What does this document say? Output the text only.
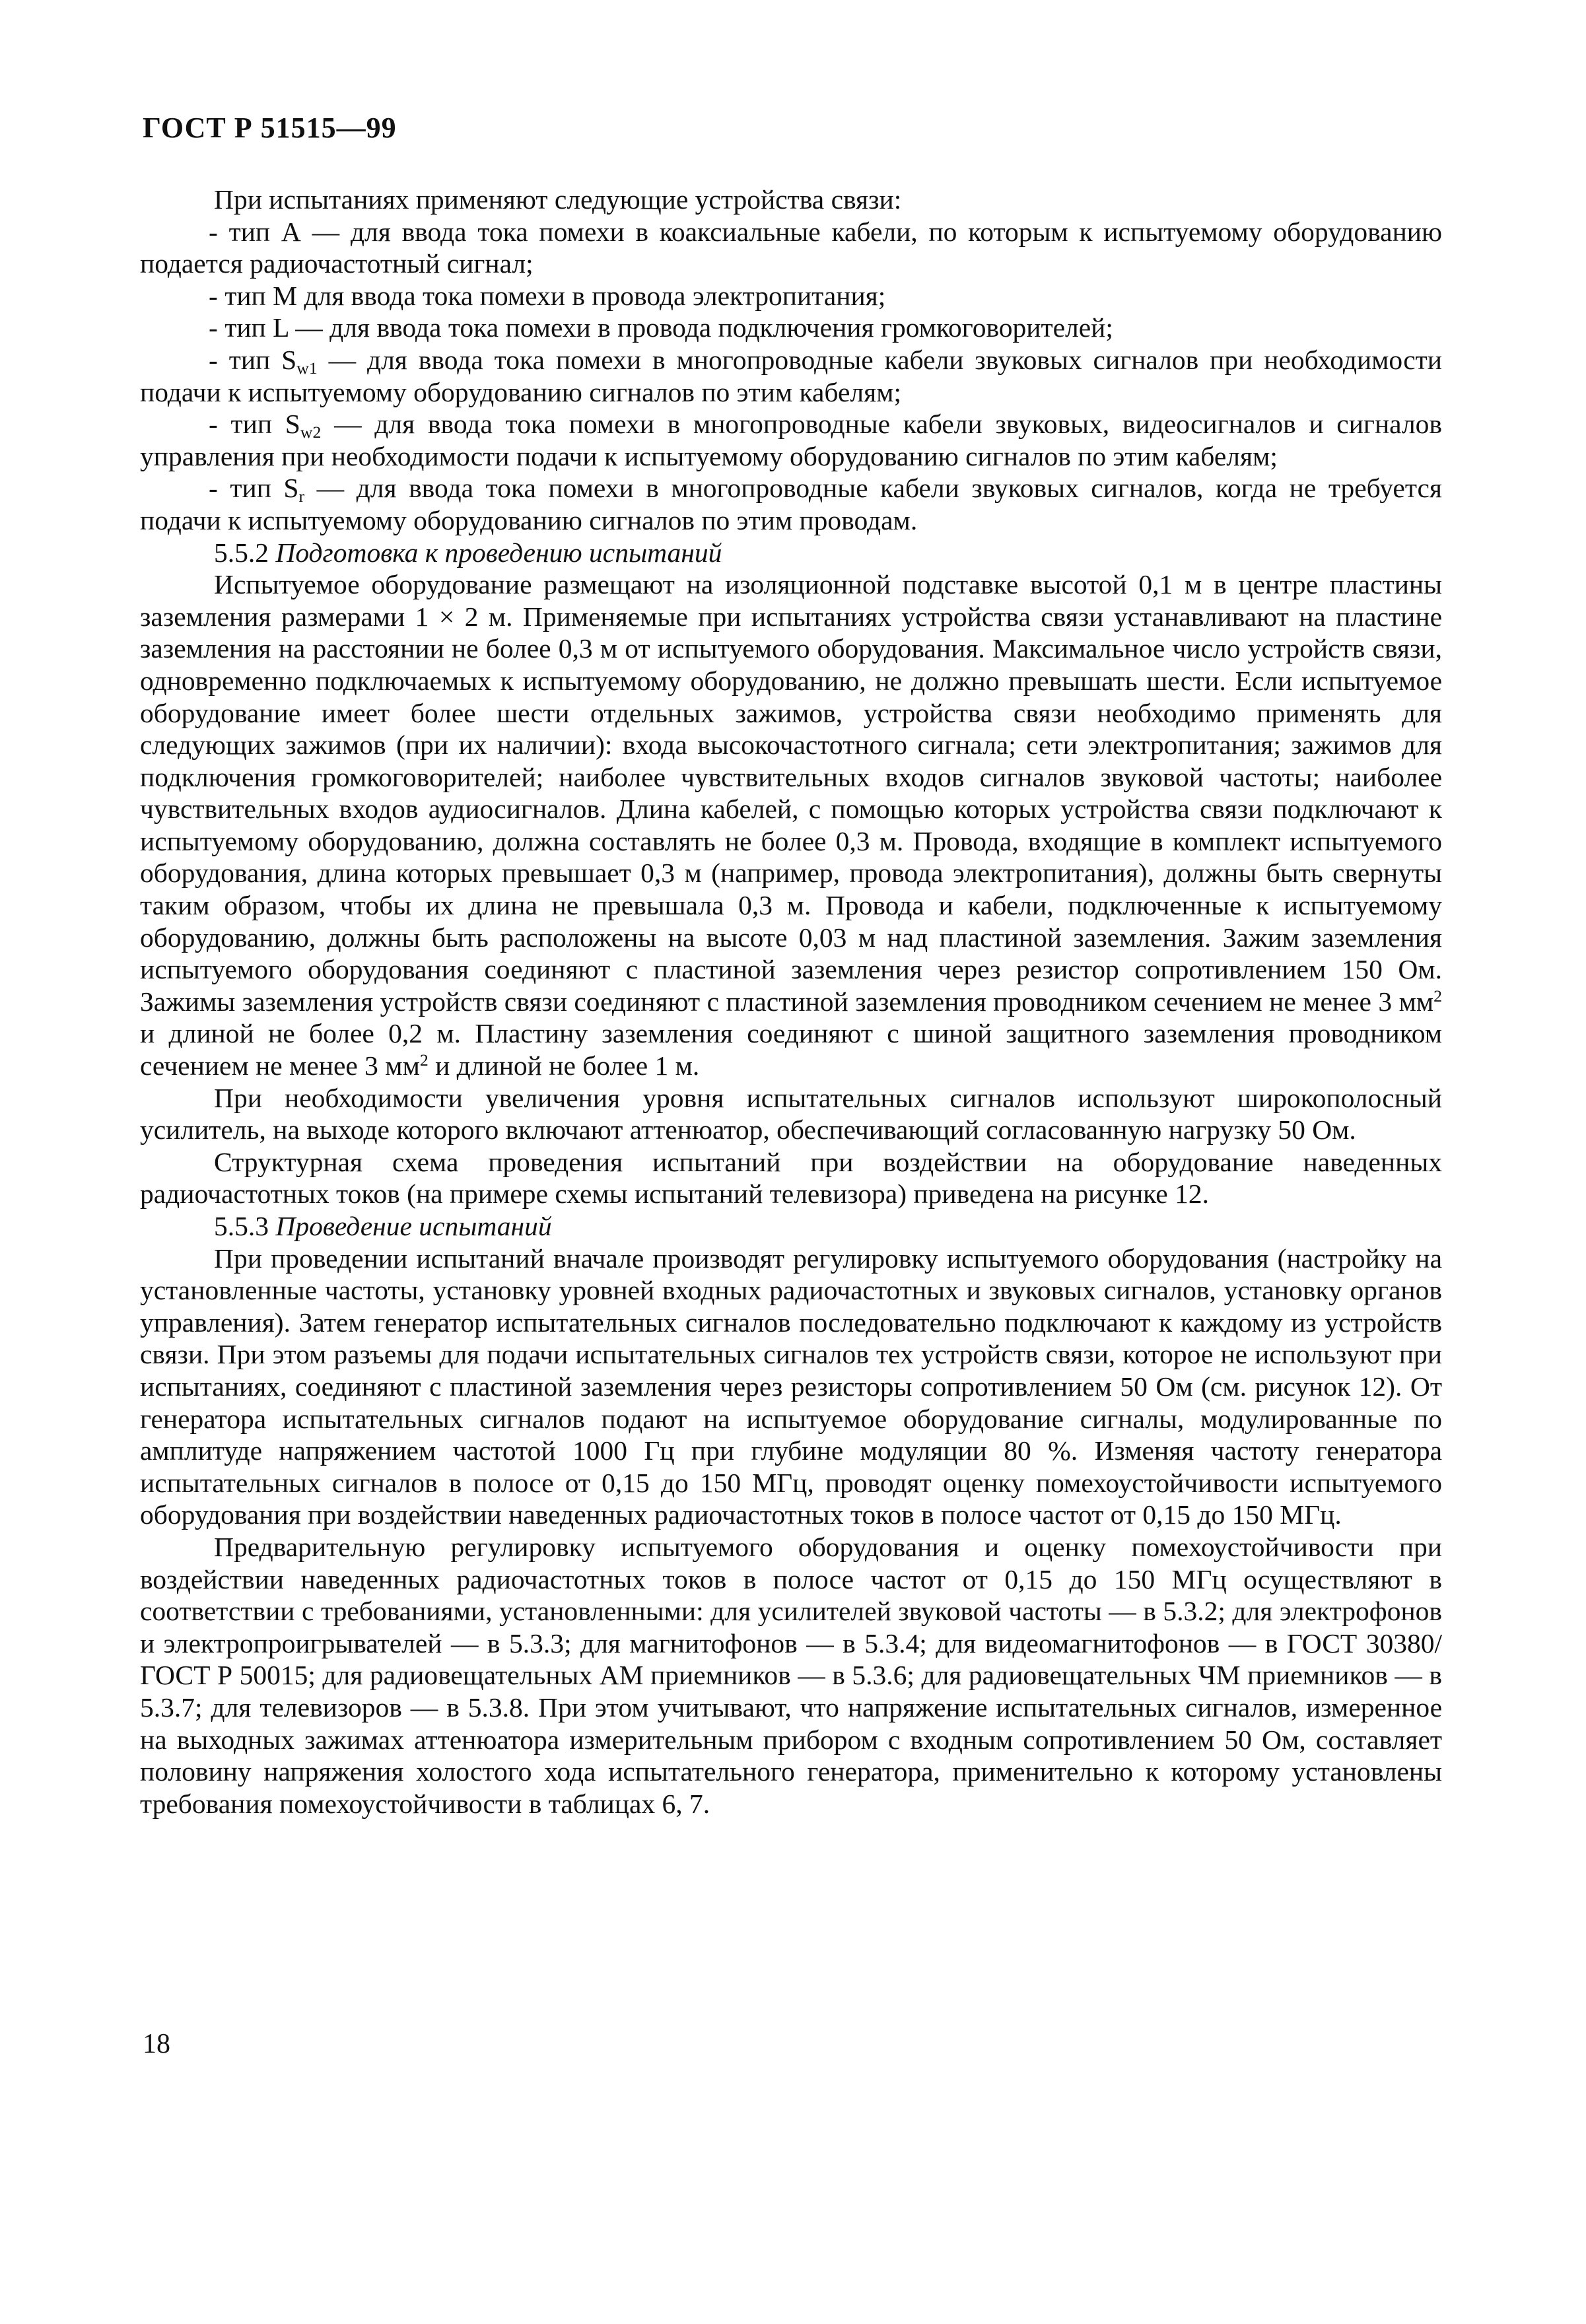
ГОСТ Р 51515—99

При испытаниях применяют следующие устройства связи:

- тип А — для ввода тока помехи в коаксиальные кабели, по которым к испытуемому оборудованию подается радиочастотный сигнал;

- тип М для ввода тока помехи в провода электропитания;

- тип L — для ввода тока помехи в провода подключения громкоговорителей;

- тип $S_{w1}$ — для ввода тока помехи в многопроводные кабели звуковых сигналов при необходимости подачи к испытуемому оборудованию сигналов по этим кабелям;

- тип $S_{w2}$ — для ввода тока помехи в многопроводные кабели звуковых, видеосигналов и сигналов управления при необходимости подачи к испытуемому оборудованию сигналов по этим кабелям;

- тип $S_r$ — для ввода тока помехи в многопроводные кабели звуковых сигналов, когда не требуется подачи к испытуемому оборудованию сигналов по этим проводам.

5.5.2 Подготовка к проведению испытаний

Испытуемое оборудование размещают на изоляционной подставке высотой 0,1 м в центре пластины заземления размерами 1 × 2 м. Применяемые при испытаниях устройства связи устанавливают на пластине заземления на расстоянии не более 0,3 м от испытуемого оборудования. Максимальное число устройств связи, одновременно подключаемых к испытуемому оборудованию, не должно превышать шести. Если испытуемое оборудование имеет более шести отдельных зажимов, устройства связи необходимо применять для следующих зажимов (при их наличии): входа высокочастотного сигнала; сети электропитания; зажимов для подключения громкоговорителей; наиболее чувствительных входов сигналов звуковой частоты; наиболее чувствительных входов аудиосигналов. Длина кабелей, с помощью которых устройства связи подключают к испытуемому оборудованию, должна составлять не более 0,3 м. Провода, входящие в комплект испытуемого оборудования, длина которых превышает 0,3 м (например, провода электропитания), должны быть свернуты таким образом, чтобы их длина не превышала 0,3 м. Провода и кабели, подключенные к испытуемому оборудованию, должны быть расположены на высоте 0,03 м над пластиной заземления. Зажим заземления испытуемого оборудования соединяют с пластиной заземления через резистор сопротивлением 150 Ом. Зажимы заземления устройств связи соединяют с пластиной заземления проводником сечением не менее 3 $мм^2$ и длиной не более 0,2 м. Пластину заземления соединяют с шиной защитного заземления проводником сечением не менее 3 $мм^2$ и длиной не более 1 м.

При необходимости увеличения уровня испытательных сигналов используют широкополосный усилитель, на выходе которого включают аттенюатор, обеспечивающий согласованную нагрузку 50 Ом.

Структурная схема проведения испытаний при воздействии на оборудование наведенных радиочастотных токов (на примере схемы испытаний телевизора) приведена на рисунке 12.

5.5.3 Проведение испытаний

При проведении испытаний вначале производят регулировку испытуемого оборудования (настройку на установленные частоты, установку уровней входных радиочастотных и звуковых сигналов, установку органов управления). Затем генератор испытательных сигналов последовательно подключают к каждому из устройств связи. При этом разъемы для подачи испытательных сигналов тех устройств связи, которое не используют при испытаниях, соединяют с пластиной заземления через резисторы сопротивлением 50 Ом (см. рисунок 12). От генератора испытательных сигналов подают на испытуемое оборудование сигналы, модулированные по амплитуде напряжением частотой 1000 Гц при глубине модуляции 80 %. Изменяя частоту генератора испытательных сигналов в полосе от 0,15 до 150 МГц, проводят оценку помехоустойчивости испытуемого оборудования при воздействии наведенных радиочастотных токов в полосе частот от 0,15 до 150 МГц.

Предварительную регулировку испытуемого оборудования и оценку помехоустойчивости при воздействии наведенных радиочастотных токов в полосе частот от 0,15 до 150 МГц осуществляют в соответствии с требованиями, установленными: для усилителей звуковой частоты — в 5.3.2; для электрофонов и электропроигрывателей — в 5.3.3; для магнитофонов — в 5.3.4; для видеомагнитофонов — в ГОСТ 30380/ГОСТ Р 50015; для радиовещательных АМ приемников — в 5.3.6; для радиовещательных ЧМ приемников — в 5.3.7; для телевизоров — в 5.3.8. При этом учитывают, что напряжение испытательных сигналов, измеренное на выходных зажимах аттенюатора измерительным прибором с входным сопротивлением 50 Ом, составляет половину напряжения холостого хода испытательного генератора, применительно к которому установлены требования помехоустойчивости в таблицах 6, 7.

18
